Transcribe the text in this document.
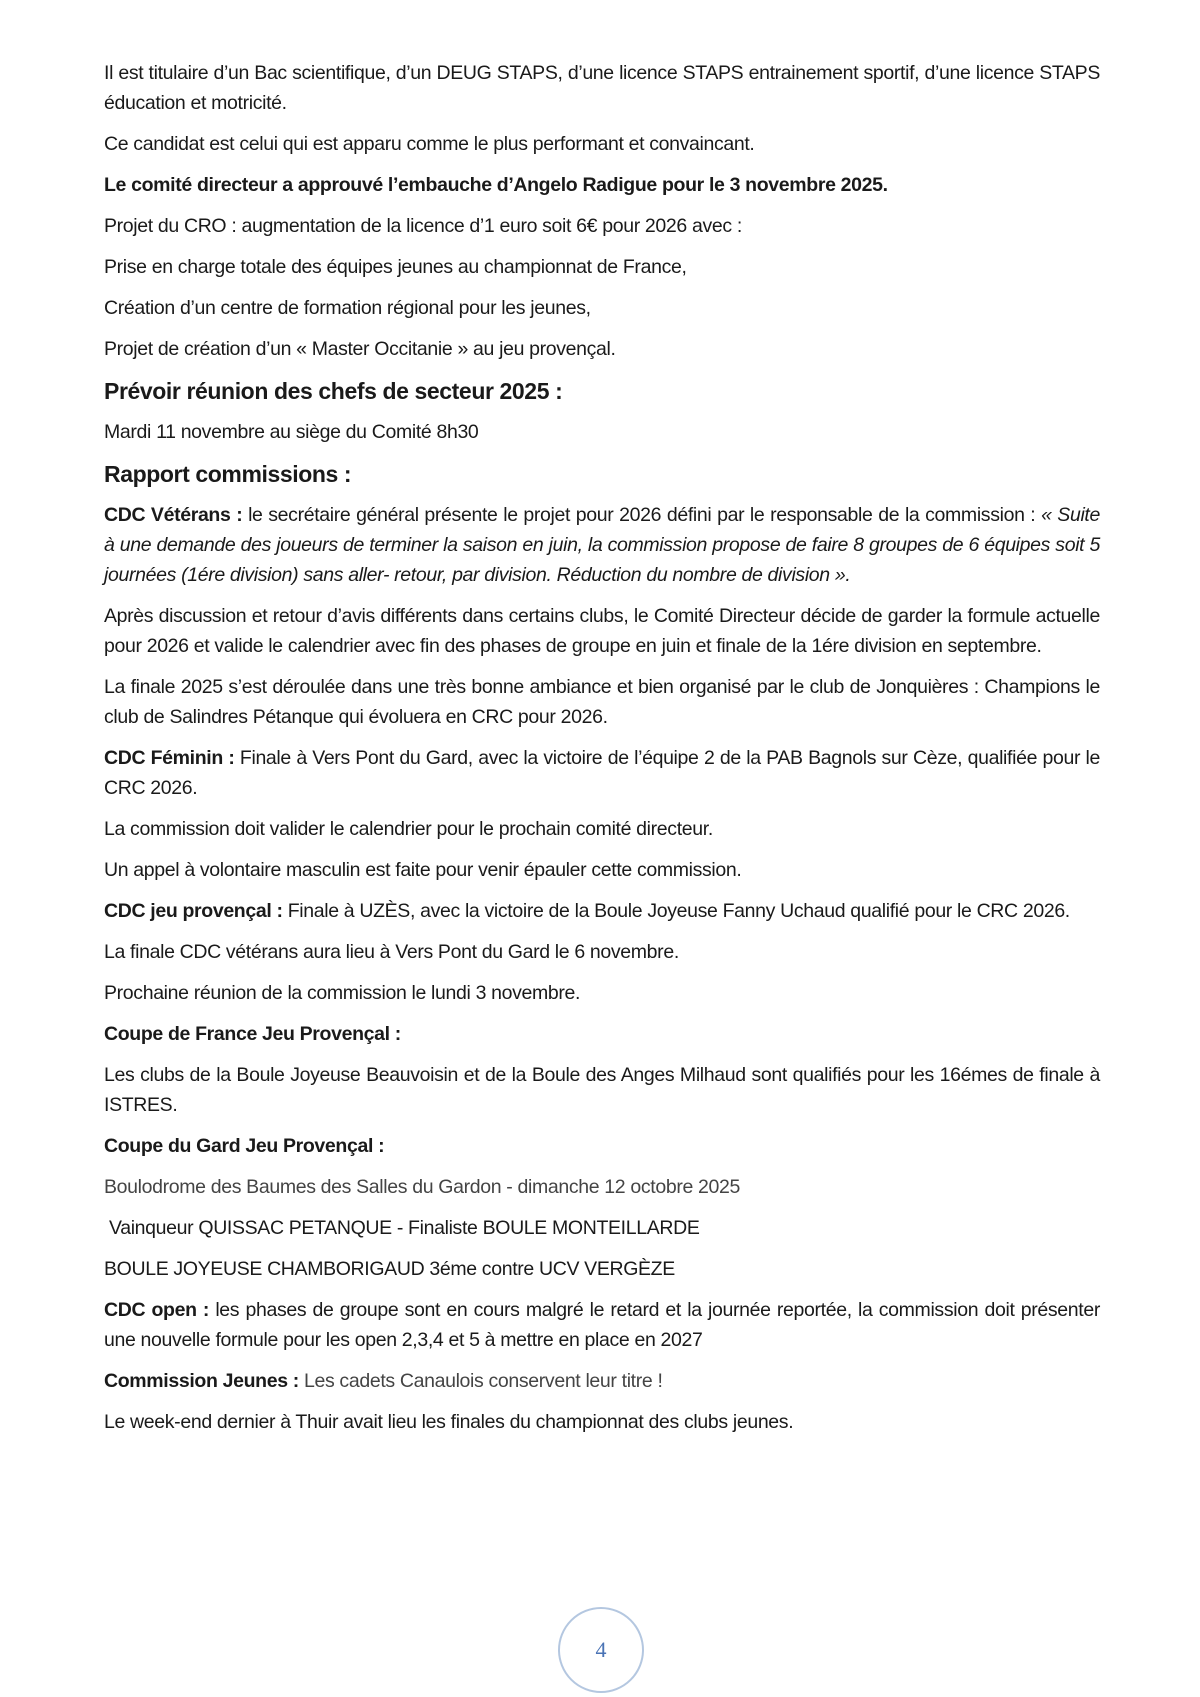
Il est titulaire d’un Bac scientifique, d’un DEUG STAPS, d’une licence STAPS entrainement sportif, d’une licence STAPS éducation et motricité.

Ce candidat est celui qui est apparu comme le plus performant et convaincant.

Le comité directeur a approuvé l’embauche d’Angelo Radigue pour le 3 novembre 2025.

Projet du CRO : augmentation de la licence d’1 euro soit 6€ pour 2026 avec :

Prise en charge totale des équipes jeunes au championnat de France,

Création d’un centre de formation régional pour les jeunes,

Projet de création d’un « Master Occitanie » au jeu provençal.

Prévoir réunion des chefs de secteur 2025 :

Mardi 11 novembre au siège du Comité 8h30

Rapport commissions :

CDC Vétérans : le secrétaire général présente le projet pour 2026 défini par le responsable de la commission : « Suite à une demande des joueurs de terminer la saison en juin, la commission propose de faire 8 groupes de 6 équipes soit 5 journées (1ére division) sans aller- retour, par division. Réduction du nombre de division ».

Après discussion et retour d’avis différents dans certains clubs, le Comité Directeur décide de garder la formule actuelle pour 2026 et valide le calendrier avec fin des phases de groupe en juin et finale de la 1ére division en septembre.

La finale 2025 s’est déroulée dans une très bonne ambiance et bien organisé par le club de Jonquières : Champions le club de Salindres Pétanque qui évoluera en CRC pour 2026.

CDC Féminin : Finale à Vers Pont du Gard, avec la victoire de l’équipe 2 de la PAB Bagnols sur Cèze, qualifiée pour le CRC 2026.

La commission doit valider le calendrier pour le prochain comité directeur.

Un appel à volontaire masculin est faite pour venir épauler cette commission.

CDC jeu provençal : Finale à UZÈS, avec la victoire de la Boule Joyeuse Fanny Uchaud qualifié pour le CRC 2026.

La finale CDC vétérans aura lieu à Vers Pont du Gard le 6 novembre.

Prochaine réunion de la commission le lundi 3 novembre.

Coupe de France Jeu Provençal :

Les clubs de la Boule Joyeuse Beauvoisin et de la Boule des Anges Milhaud sont qualifiés pour les 16émes de finale à ISTRES.

Coupe du Gard Jeu Provençal :

Boulodrome des Baumes des Salles du Gardon - dimanche 12 octobre 2025

Vainqueur QUISSAC PETANQUE - Finaliste BOULE MONTEILLARDE

BOULE JOYEUSE CHAMBORIGAUD 3éme contre UCV VERGÈZE

CDC open : les phases de groupe sont en cours malgré le retard et la journée reportée, la commission doit présenter une nouvelle formule pour les open 2,3,4 et 5 à mettre en place en 2027

Commission Jeunes : Les cadets Canaulois conservent leur titre !

Le week-end dernier à Thuir avait lieu les finales du championnat des clubs jeunes.

4
